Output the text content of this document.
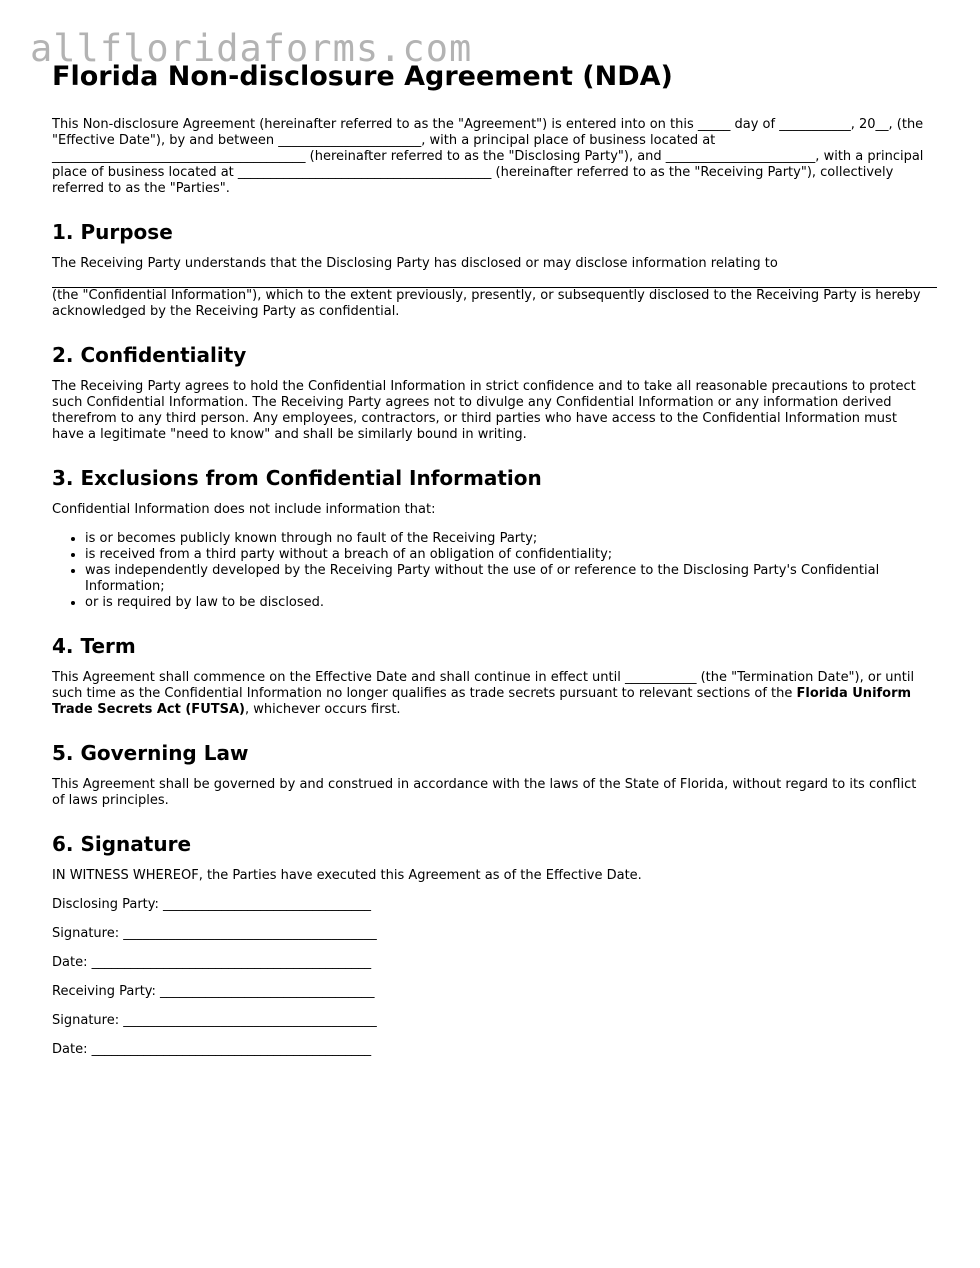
allfloridaforms.com
Florida Non-disclosure Agreement (NDA)

This Non-disclosure Agreement (hereinafter referred to as the "Agreement") is entered into on this _____ day of ___________, 20__, (the "Effective Date"), by and between ______________________, with a principal place of business located at _______________________________________ (hereinafter referred to as the "Disclosing Party"), and _______________________, with a principal place of business located at _______________________________________ (hereinafter referred to as the "Receiving Party"), collectively referred to as the "Parties".

1. Purpose

The Receiving Party understands that the Disclosing Party has disclosed or may disclose information relating to

(the "Confidential Information"), which to the extent previously, presently, or subsequently disclosed to the Receiving Party is hereby acknowledged by the Receiving Party as confidential.

2. Confidentiality

The Receiving Party agrees to hold the Confidential Information in strict confidence and to take all reasonable precautions to protect such Confidential Information. The Receiving Party agrees not to divulge any Confidential Information or any information derived therefrom to any third person. Any employees, contractors, or third parties who have access to the Confidential Information must have a legitimate "need to know" and shall be similarly bound in writing.

3. Exclusions from Confidential Information

Confidential Information does not include information that:

• is or becomes publicly known through no fault of the Receiving Party;
• is received from a third party without a breach of an obligation of confidentiality;
• was independently developed by the Receiving Party without the use of or reference to the Disclosing Party's Confidential Information;
• or is required by law to be disclosed.
4. Term

This Agreement shall commence on the Effective Date and shall continue in effect until ___________ (the "Termination Date"), or until such time as the Confidential Information no longer qualifies as trade secrets pursuant to relevant sections of the Florida Uniform Trade Secrets Act (FUTSA), whichever occurs first.

5. Governing Law

This Agreement shall be governed by and construed in accordance with the laws of the State of Florida, without regard to its conflict of laws principles.

6. Signature

IN WITNESS WHEREOF, the Parties have executed this Agreement as of the Effective Date.

Disclosing Party: ________________________________

Signature: _______________________________________

Date: ___________________________________________

Receiving Party: _________________________________

Signature: _______________________________________

Date: ___________________________________________
